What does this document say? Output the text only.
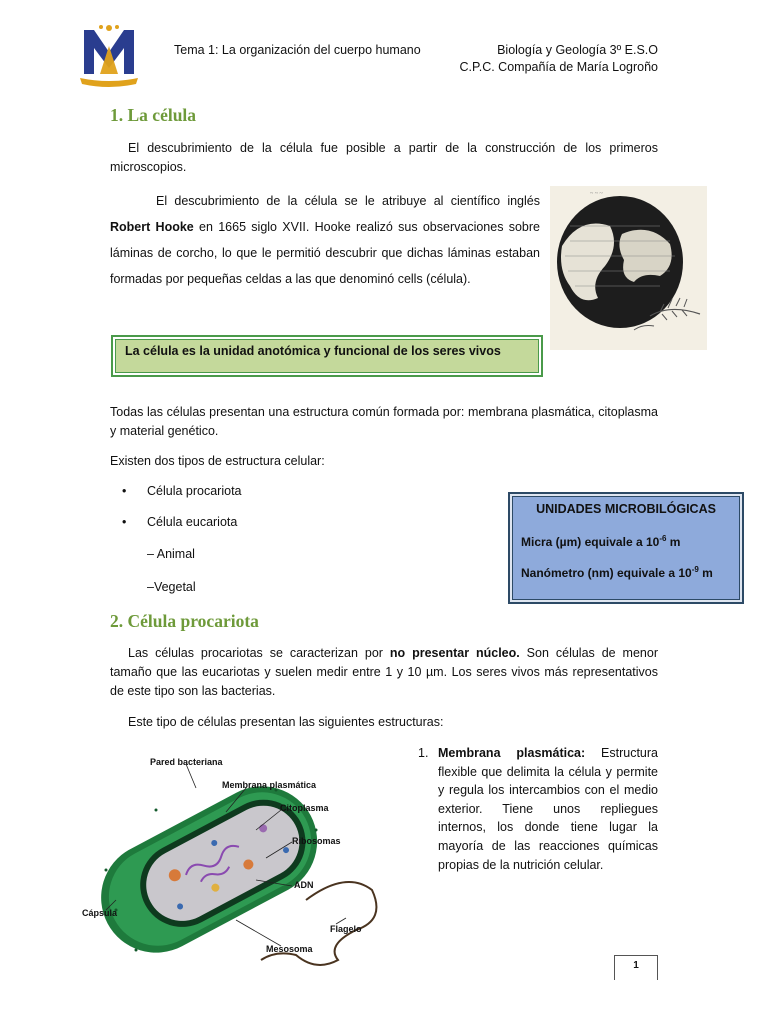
Tema 1: La organización del cuerpo humano	Biología y Geología 3º E.S.O
C.P.C. Compañía de María Logroño
1. La célula
El descubrimiento de la célula fue posible a partir de la construcción de los primeros microscopios.
El descubrimiento de la célula se le atribuye al científico inglés Robert Hooke en 1665 siglo XVII. Hooke realizó sus observaciones sobre láminas de corcho, lo que le permitió descubrir que dichas láminas estaban formadas por pequeñas celdas a las que denominó cells (célula).
~ ~ ~
La célula es la unidad anotómica y funcional de los seres vivos
Todas las células presentan una estructura común formada por: membrana plasmática, citoplasma y material genético.
Existen dos tipos de estructura celular:
• Célula procariota
• Célula eucariota
– Animal
–Vegetal
UNIDADES MICROBILÓGICAS
Micra (µm) equivale a $10^{-6}$ m
Nanómetro (nm) equivale a $10^{-9}$ m
2. Célula procariota
Las células procariotas se caracterizan por no presentar núcleo. Son células de menor tamaño que las eucariotas y suelen medir entre 1 y 10 µm. Los seres vivos más representativos de este tipo son las bacterias.
Este tipo de células presentan las siguientes estructuras:
Pared bacteriana
Membrana plasmática
Citoplasma
Ribosomas
ADN
Cápsula
Flagelo
Mesosoma
1. Membrana plasmática: Estructura flexible que delimita la célula y permite y regula los intercambios con el medio exterior. Tiene unos repliegues internos, los donde tiene lugar la mayoría de las reacciones químicas propias de la nutrición celular.
1
